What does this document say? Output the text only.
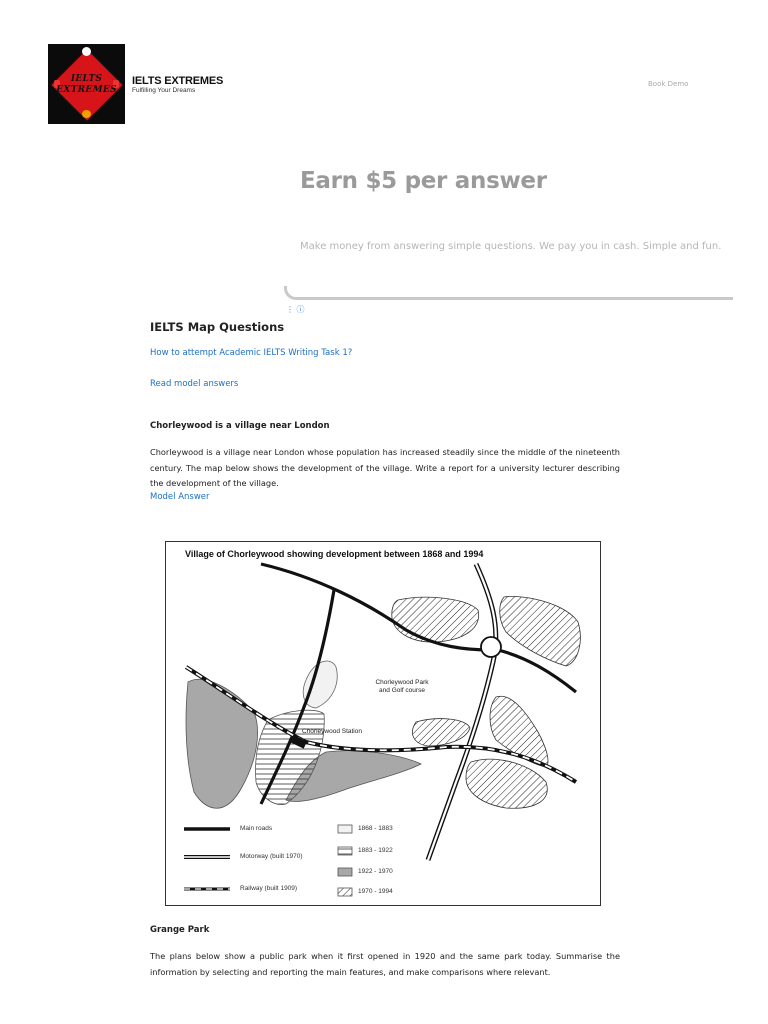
IELTS
EXTREMES
IELTS EXTREMES
Fulfilling Your Dreams
Book Demo
Earn $5 per answer
Make money from answering simple questions. We pay you in cash. Simple and fun.
⋮ ⓘ
IELTS Map Questions
How to attempt Academic IELTS Writing Task 1?
Read model answers
Chorleywood is a village near London
Chorleywood is a village near London whose population has increased steadily since the middle of the nineteenth century. The map below shows the development of the village. Write a report for a university lecturer describing the development of the village.
Model Answer
Village of Chorleywood showing development between 1868 and 1994
Chorleywood Park
and Golf course
Chorleywood Station
Main roads
Motorway (built 1970)
Railway (built 1909)
1868 - 1883
1883 - 1922
1922 - 1970
1970 - 1994
Grange Park
The plans below show a public park when it first opened in 1920 and the same park today. Summarise the information by selecting and reporting the main features, and make comparisons where relevant.
